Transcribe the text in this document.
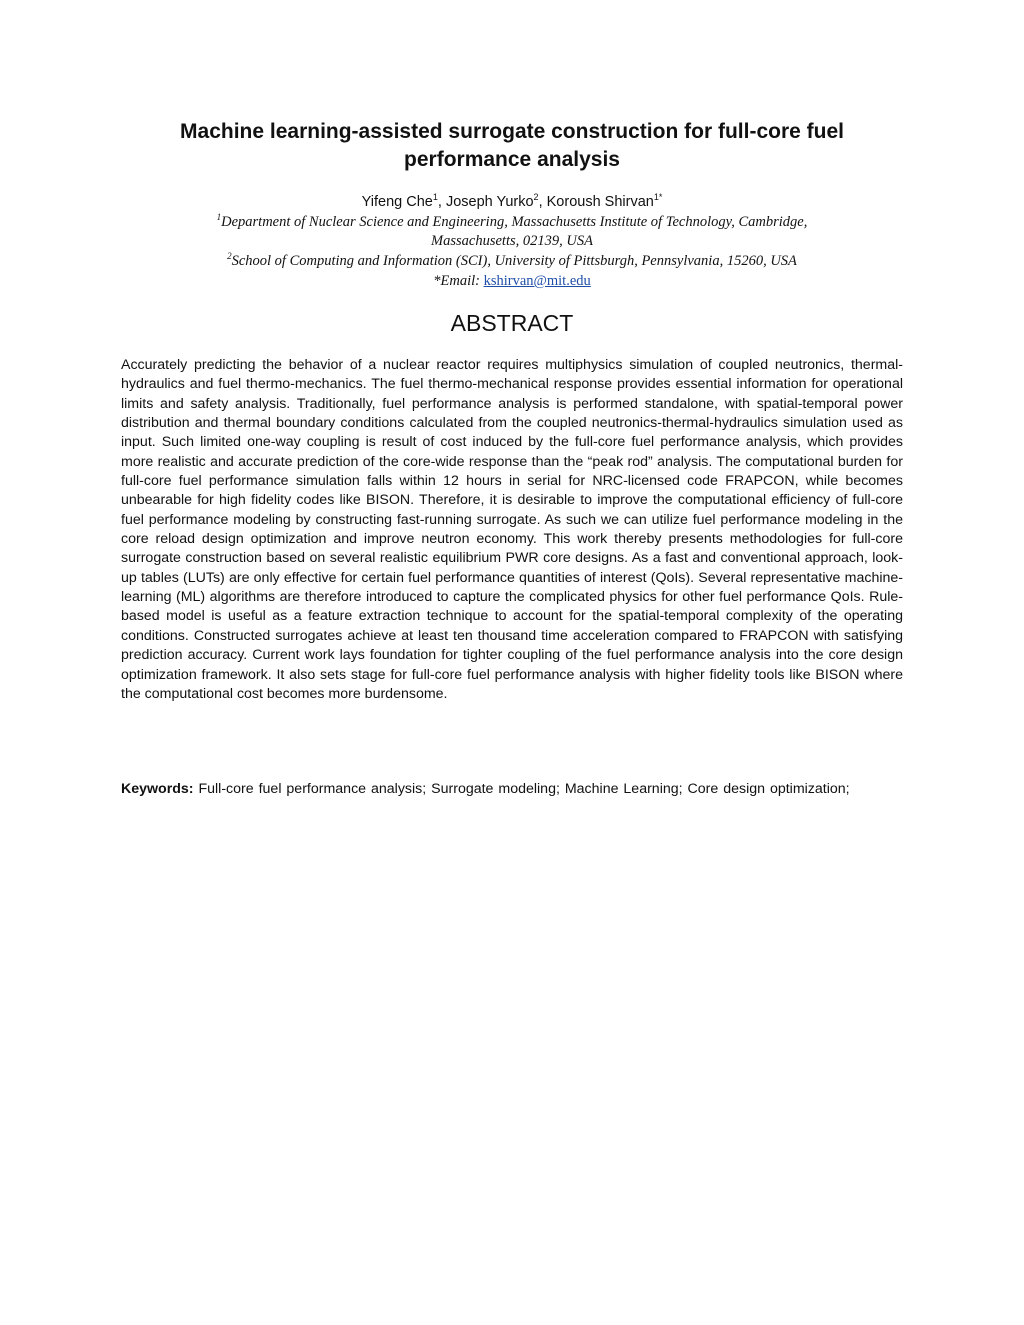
Machine learning-assisted surrogate construction for full-core fuel
performance analysis
Yifeng Che$^1$, Joseph Yurko$^2$, Koroush Shirvan$^{1*}$
$^1$Department of Nuclear Science and Engineering, Massachusetts Institute of Technology, Cambridge,
Massachusetts, 02139, USA
$^2$School of Computing and Information (SCI), University of Pittsburgh, Pennsylvania, 15260, USA
*Email: kshirvan@mit.edu
ABSTRACT

Accurately predicting the behavior of a nuclear reactor requires multiphysics simulation of coupled neutronics, thermal-hydraulics and fuel thermo-mechanics. The fuel thermo-mechanical response provides essential information for operational limits and safety analysis. Traditionally, fuel performance analysis is performed standalone, with spatial-temporal power distribution and thermal boundary conditions calculated from the coupled neutronics-thermal-hydraulics simulation used as input. Such limited one-way coupling is result of cost induced by the full-core fuel performance analysis, which provides more realistic and accurate prediction of the core-wide response than the “peak rod” analysis. The computational burden for full-core fuel performance simulation falls within 12 hours in serial for NRC-licensed code FRAPCON, while becomes unbearable for high fidelity codes like BISON. Therefore, it is desirable to improve the computational efficiency of full-core fuel performance modeling by constructing fast-running surrogate. As such we can utilize fuel performance modeling in the core reload design optimization and improve neutron economy. This work thereby presents methodologies for full-core surrogate construction based on several realistic equilibrium PWR core designs. As a fast and conventional approach, look-up tables (LUTs) are only effective for certain fuel performance quantities of interest (QoIs). Several representative machine-learning (ML) algorithms are therefore introduced to capture the complicated physics for other fuel performance QoIs. Rule-based model is useful as a feature extraction technique to account for the spatial-temporal complexity of the operating conditions. Constructed surrogates achieve at least ten thousand time acceleration compared to FRAPCON with satisfying prediction accuracy. Current work lays foundation for tighter coupling of the fuel performance analysis into the core design optimization framework. It also sets stage for full-core fuel performance analysis with higher fidelity tools like BISON where the computational cost becomes more burdensome.

Keywords: Full-core fuel performance analysis; Surrogate modeling; Machine Learning; Core design optimization;
